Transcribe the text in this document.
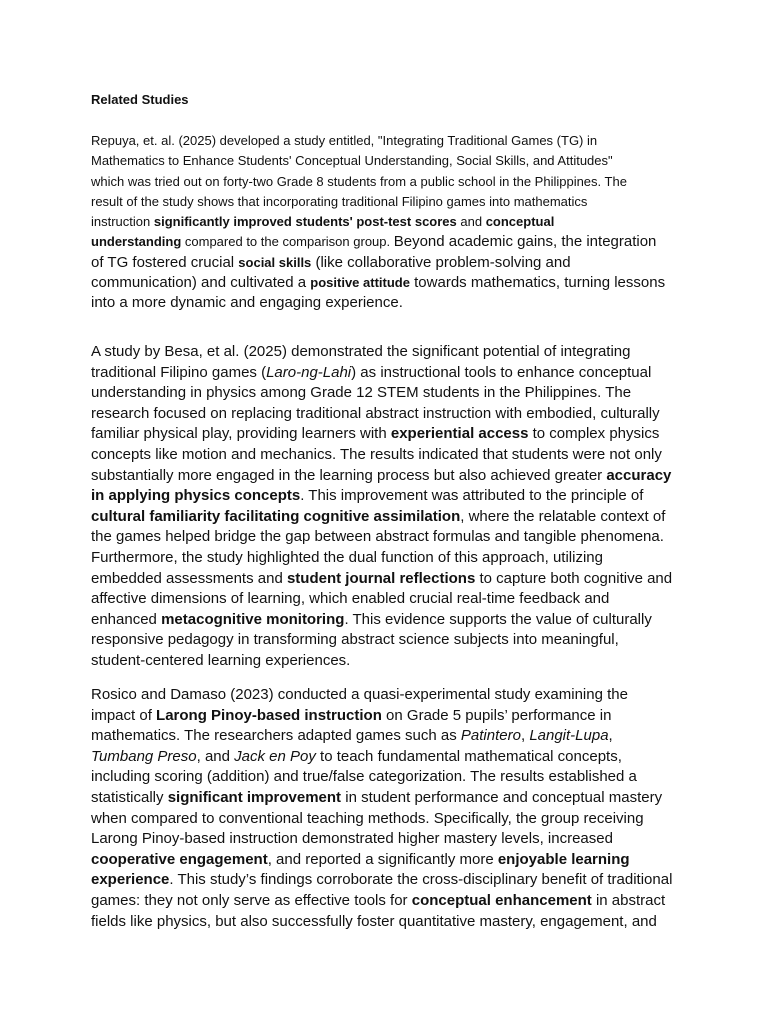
Related Studies

Repuya, et. al. (2025) developed a study entitled, "Integrating Traditional Games (TG) in
Mathematics to Enhance Students' Conceptual Understanding, Social Skills, and Attitudes"
which was tried out on forty-two Grade 8 students from a public school in the Philippines. The
result of the study shows that incorporating traditional Filipino games into mathematics
instruction significantly improved students' post-test scores and conceptual
understanding compared to the comparison group. Beyond academic gains, the integration
of TG fostered crucial social skills (like collaborative problem-solving and
communication) and cultivated a positive attitude towards mathematics, turning lessons
into a more dynamic and engaging experience.

A study by Besa, et al. (2025) demonstrated the significant potential of integrating
traditional Filipino games (Laro-ng-Lahi) as instructional tools to enhance conceptual
understanding in physics among Grade 12 STEM students in the Philippines. The
research focused on replacing traditional abstract instruction with embodied, culturally
familiar physical play, providing learners with experiential access to complex physics
concepts like motion and mechanics. The results indicated that students were not only
substantially more engaged in the learning process but also achieved greater accuracy
in applying physics concepts. This improvement was attributed to the principle of
cultural familiarity facilitating cognitive assimilation, where the relatable context of
the games helped bridge the gap between abstract formulas and tangible phenomena.
Furthermore, the study highlighted the dual function of this approach, utilizing
embedded assessments and student journal reflections to capture both cognitive and
affective dimensions of learning, which enabled crucial real-time feedback and
enhanced metacognitive monitoring. This evidence supports the value of culturally
responsive pedagogy in transforming abstract science subjects into meaningful,
student-centered learning experiences.

Rosico and Damaso (2023) conducted a quasi-experimental study examining the
impact of Larong Pinoy-based instruction on Grade 5 pupils’ performance in
mathematics. The researchers adapted games such as Patintero, Langit-Lupa,
Tumbang Preso, and Jack en Poy to teach fundamental mathematical concepts,
including scoring (addition) and true/false categorization. The results established a
statistically significant improvement in student performance and conceptual mastery
when compared to conventional teaching methods. Specifically, the group receiving
Larong Pinoy-based instruction demonstrated higher mastery levels, increased
cooperative engagement, and reported a significantly more enjoyable learning
experience. This study’s findings corroborate the cross-disciplinary benefit of traditional
games: they not only serve as effective tools for conceptual enhancement in abstract
fields like physics, but also successfully foster quantitative mastery, engagement, and
